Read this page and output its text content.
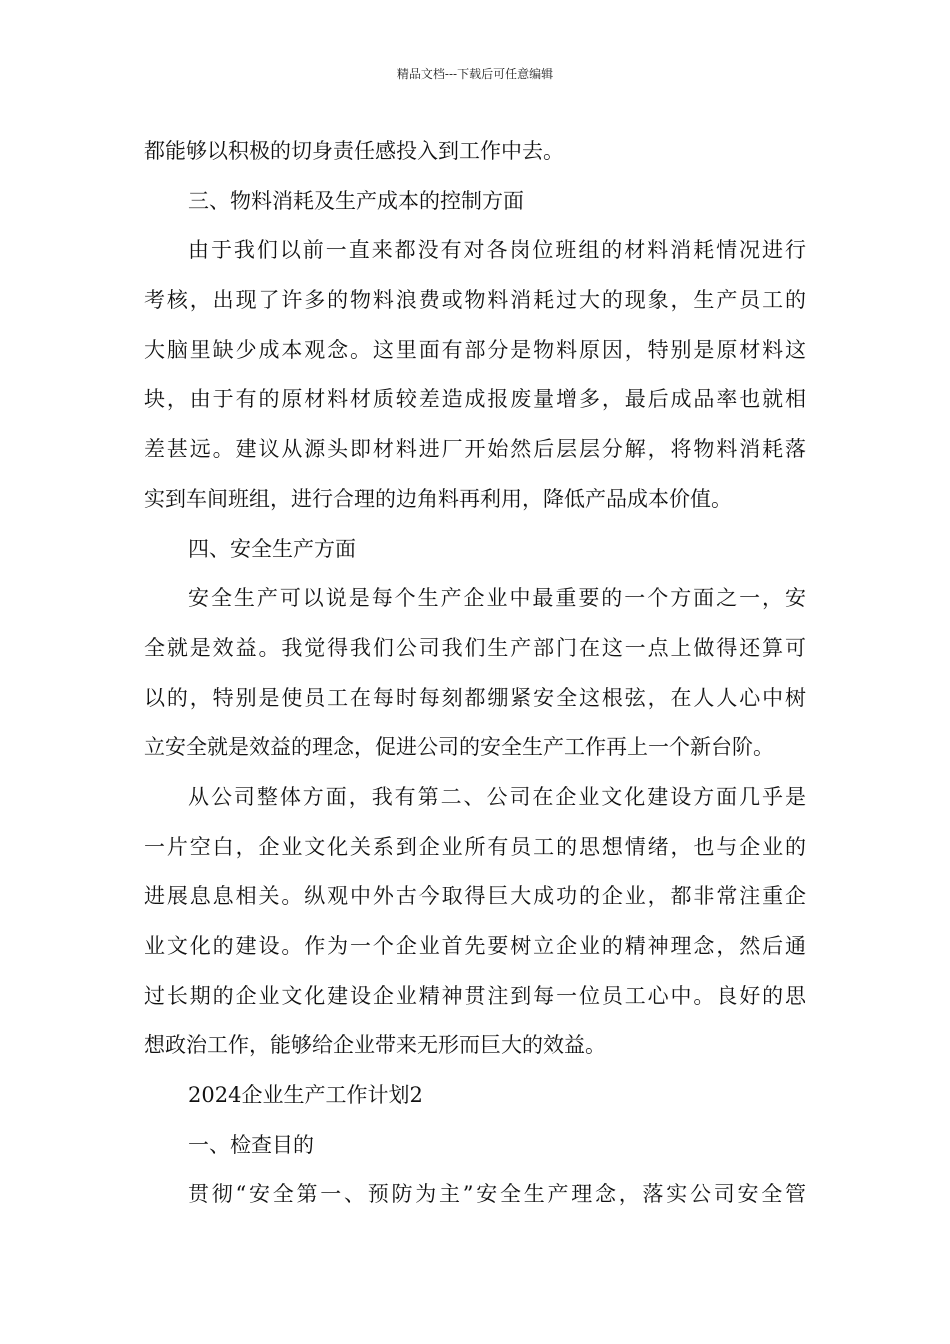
精品文档---下载后可任意编辑
都能够以积极的切身责任感投入到工作中去。
三、物料消耗及生产成本的控制方面
由于我们以前一直来都没有对各岗位班组的材料消耗情况进行
考核，出现了许多的物料浪费或物料消耗过大的现象，生产员工的
大脑里缺少成本观念。这里面有部分是物料原因，特别是原材料这
块，由于有的原材料材质较差造成报废量增多，最后成品率也就相
差甚远。建议从源头即材料进厂开始然后层层分解，将物料消耗落
实到车间班组，进行合理的边角料再利用，降低产品成本价值。
四、安全生产方面
安全生产可以说是每个生产企业中最重要的一个方面之一，安
全就是效益。我觉得我们公司我们生产部门在这一点上做得还算可
以的，特别是使员工在每时每刻都绷紧安全这根弦，在人人心中树
立安全就是效益的理念，促进公司的安全生产工作再上一个新台阶。
从公司整体方面，我有第二、公司在企业文化建设方面几乎是
一片空白，企业文化关系到企业所有员工的思想情绪，也与企业的
进展息息相关。纵观中外古今取得巨大成功的企业，都非常注重企
业文化的建设。作为一个企业首先要树立企业的精神理念，然后通
过长期的企业文化建设企业精神贯注到每一位员工心中。良好的思
想政治工作，能够给企业带来无形而巨大的效益。
2024企业生产工作计划2
一、检查目的
贯彻“安全第一、预防为主”安全生产理念，落实公司安全管
